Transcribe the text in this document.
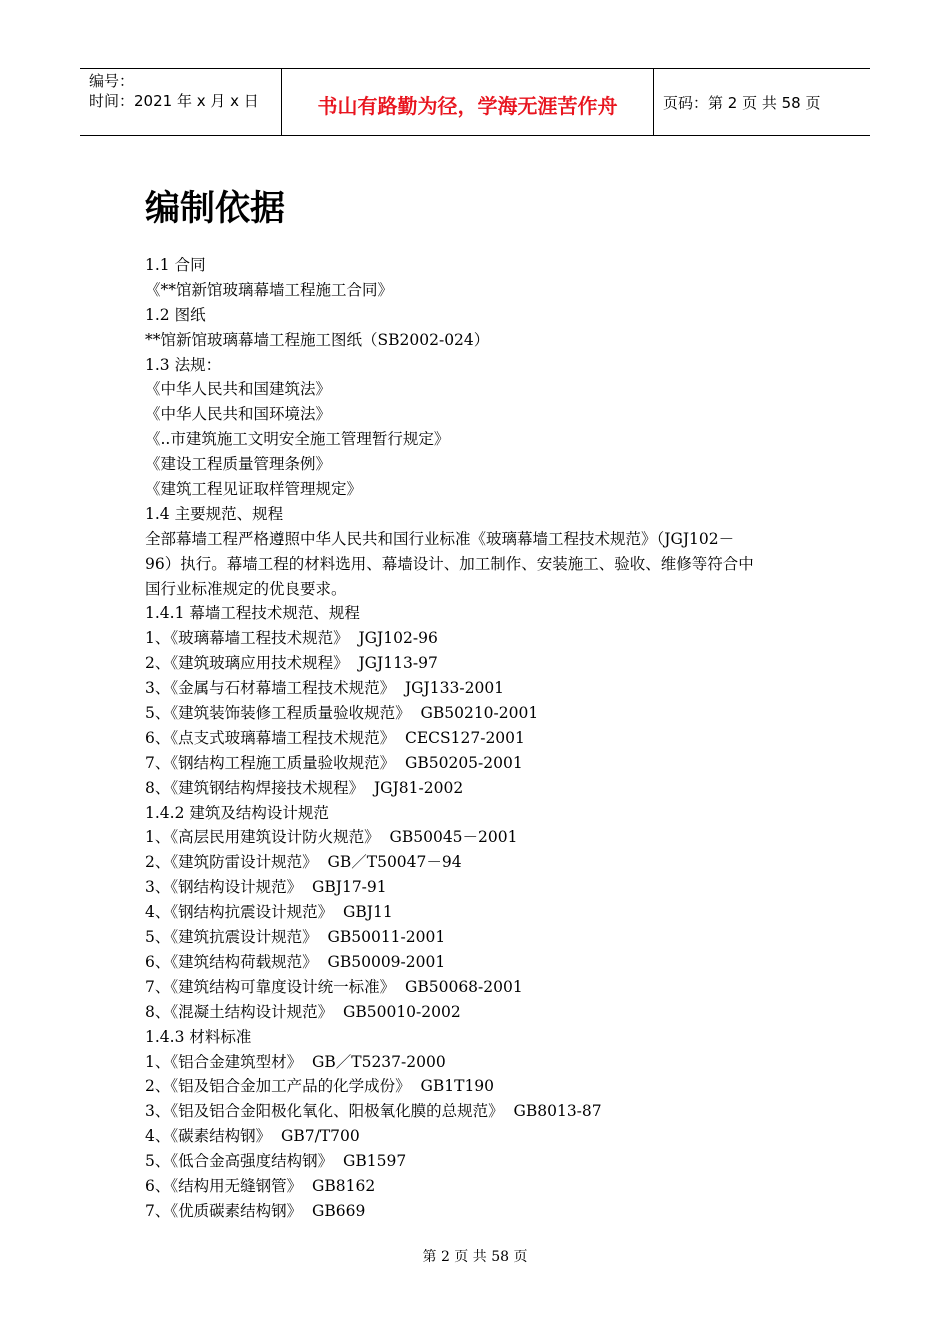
编号：
时间：2021 年 x 月 x 日	书山有路勤为径，学海无涯苦作舟	页码：第 2 页 共 58 页
编制依据
1.1 合同
《**馆新馆玻璃幕墙工程施工合同》
1.2 图纸
**馆新馆玻璃幕墙工程施工图纸（SB2002-024）
1.3 法规：
《中华人民共和国建筑法》
《中华人民共和国环境法》
《..市建筑施工文明安全施工管理暂行规定》
《建设工程质量管理条例》
《建筑工程见证取样管理规定》
1.4 主要规范、规程
全部幕墙工程严格遵照中华人民共和国行业标准《玻璃幕墙工程技术规范》（JGJ102－
96）执行。幕墙工程的材料选用、幕墙设计、加工制作、安装施工、验收、维修等符合中
国行业标准规定的优良要求。
1.4.1 幕墙工程技术规范、规程
1、《玻璃幕墙工程技术规范》  JGJ102-96
2、《建筑玻璃应用技术规程》  JGJ113-97
3、《金属与石材幕墙工程技术规范》  JGJ133-2001
5、《建筑装饰装修工程质量验收规范》  GB50210-2001
6、《点支式玻璃幕墙工程技术规范》  CECS127-2001
7、《钢结构工程施工质量验收规范》  GB50205-2001
8、《建筑钢结构焊接技术规程》  JGJ81-2002
1.4.2 建筑及结构设计规范
1、《高层民用建筑设计防火规范》  GB50045－2001
2、《建筑防雷设计规范》  GB／T50047－94
3、《钢结构设计规范》  GBJ17-91
4、《钢结构抗震设计规范》  GBJ11
5、《建筑抗震设计规范》  GB50011-2001
6、《建筑结构荷载规范》  GB50009-2001
7、《建筑结构可靠度设计统一标准》  GB50068-2001
8、《混凝土结构设计规范》  GB50010-2002
1.4.3 材料标准
1、《铝合金建筑型材》  GB／T5237-2000
2、《铝及铝合金加工产品的化学成份》  GB1T190
3、《铝及铝合金阳极化氧化、阳极氧化膜的总规范》  GB8013-87
4、《碳素结构钢》  GB7/T700
5、《低合金高强度结构钢》  GB1597
6、《结构用无缝钢管》  GB8162
7、《优质碳素结构钢》  GB669
第 2 页 共 58 页
